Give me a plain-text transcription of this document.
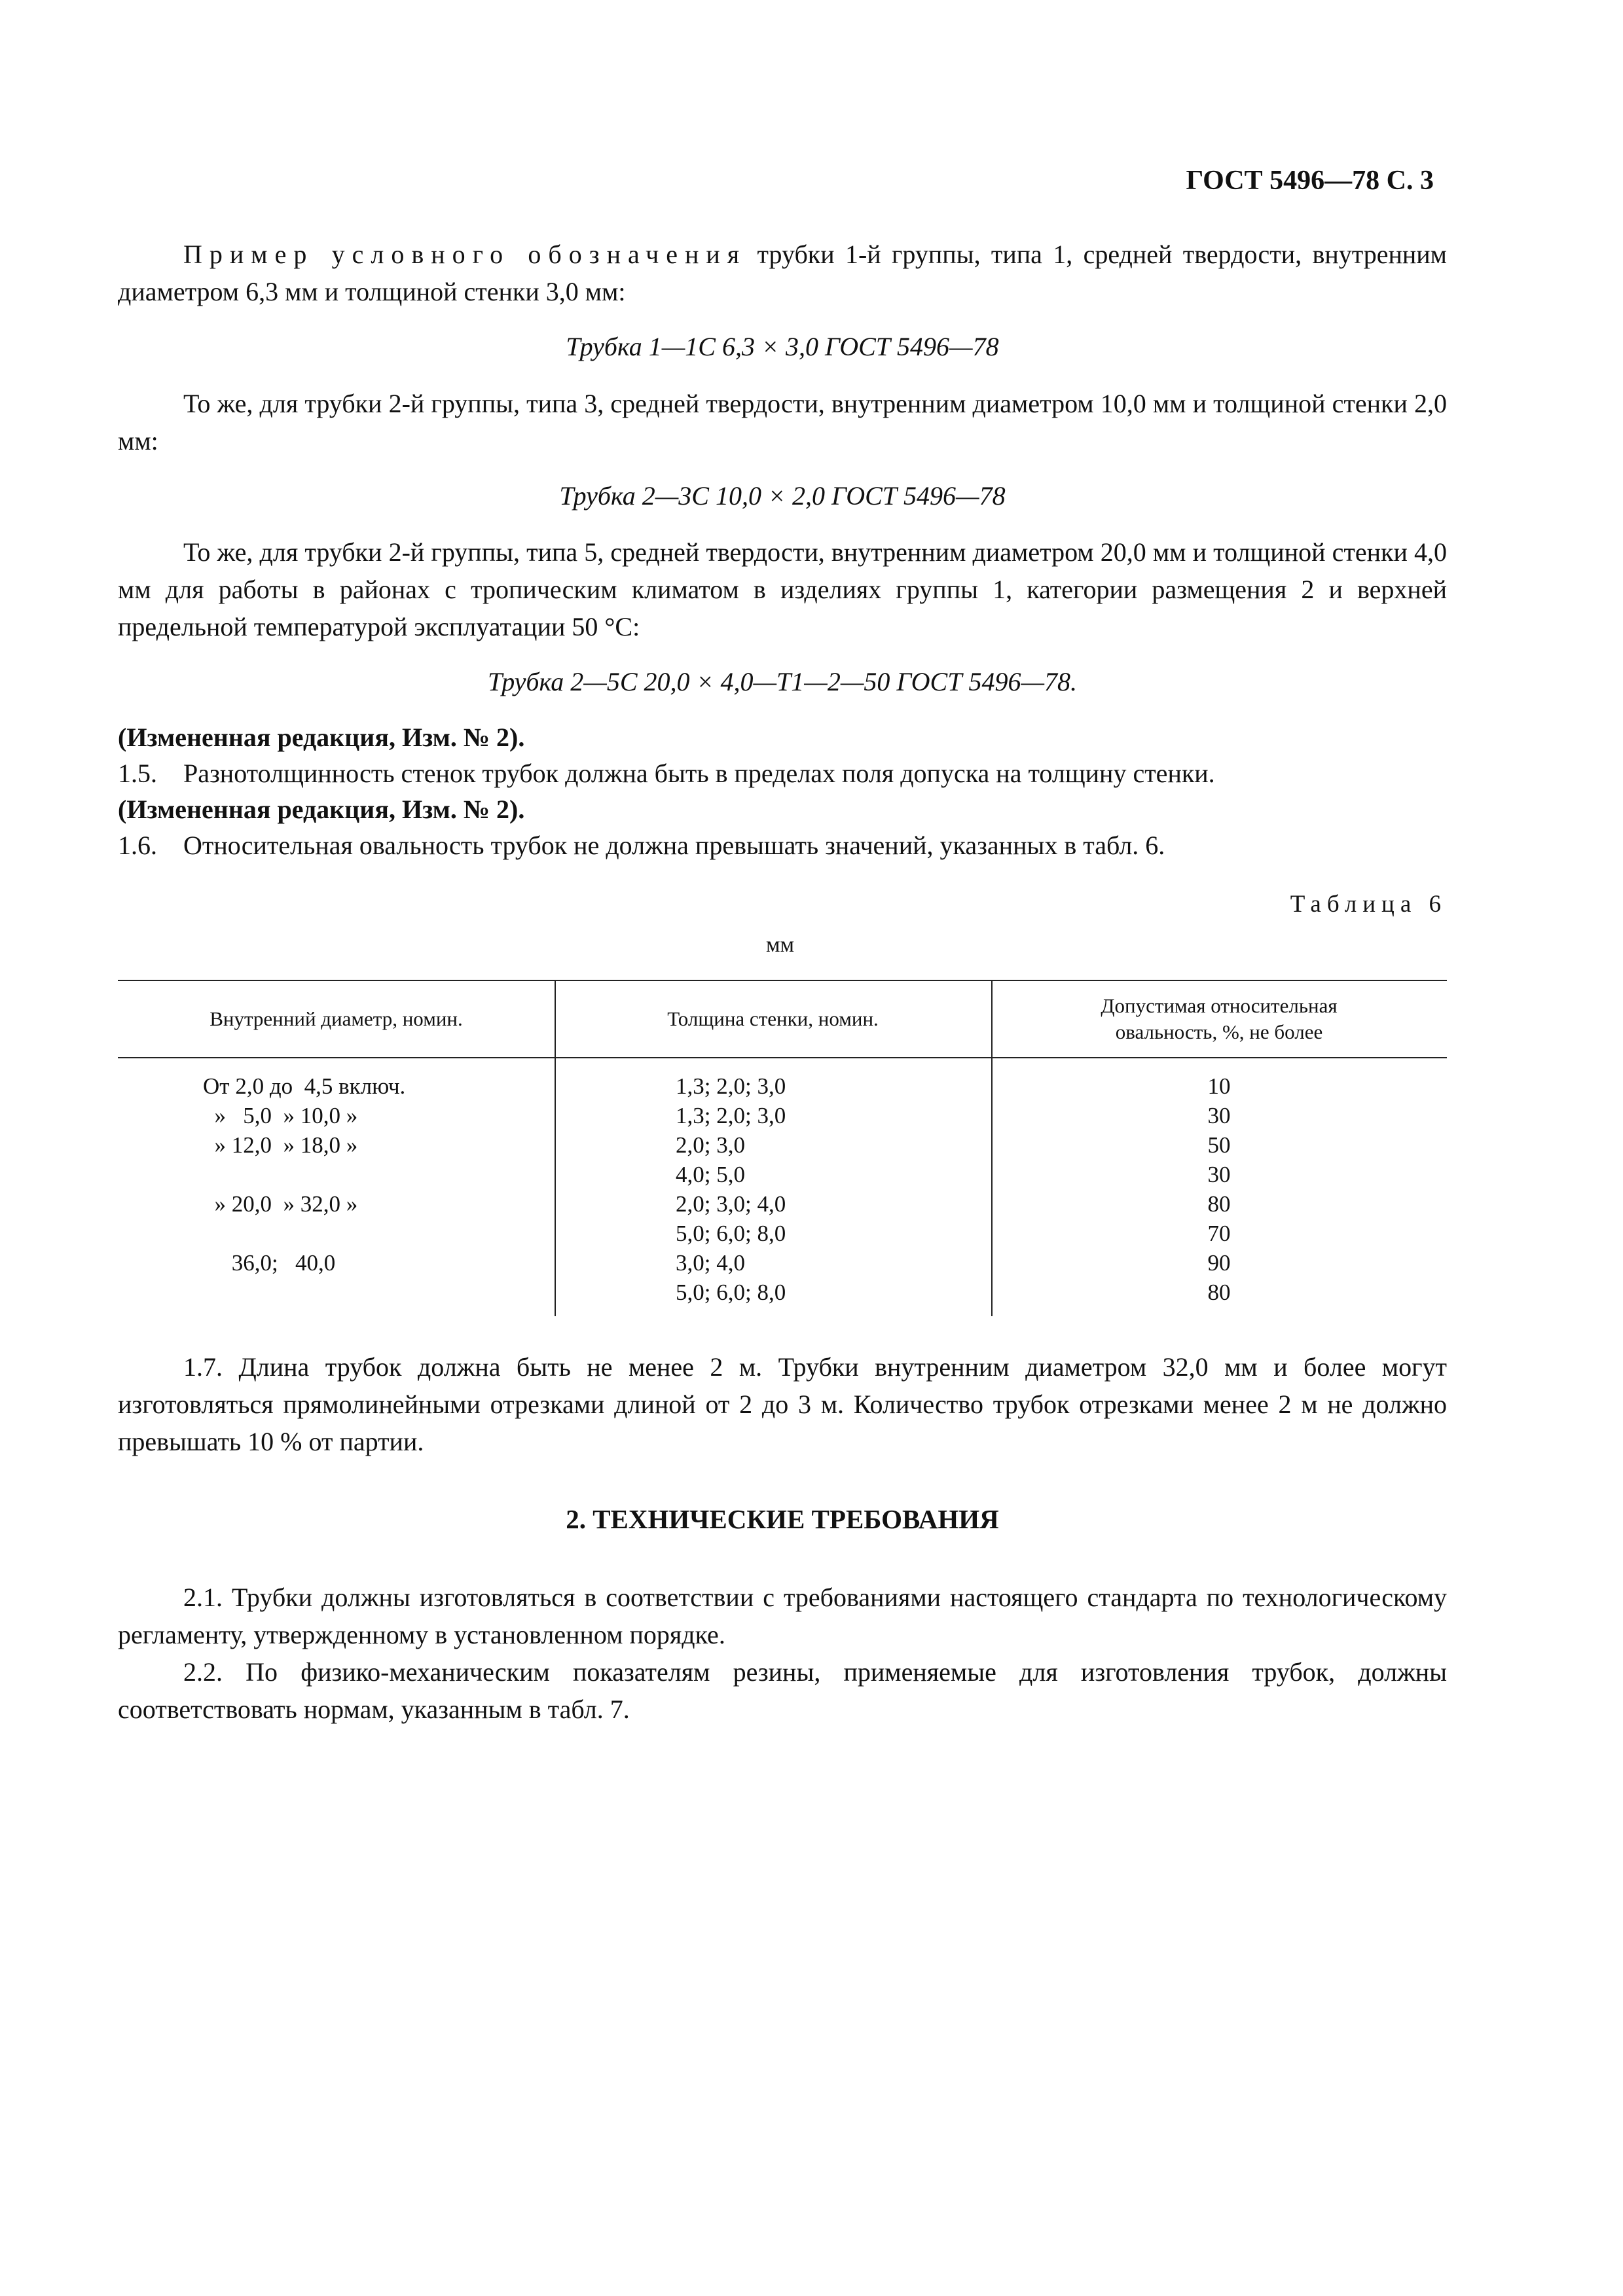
ГОСТ 5496—78 С. 3
Пример условного обозначения трубки 1-й группы, типа 1, средней твердости, внутренним диаметром 6,3 мм и толщиной стенки 3,0 мм:
Трубка 1—1С 6,3 × 3,0 ГОСТ 5496—78
То же, для трубки 2-й группы, типа 3, средней твердости, внутренним диаметром 10,0 мм и толщиной стенки 2,0 мм:
Трубка 2—3С 10,0 × 2,0 ГОСТ 5496—78
То же, для трубки 2-й группы, типа 5, средней твердости, внутренним диаметром 20,0 мм и толщиной стенки 4,0 мм для работы в районах с тропическим климатом в изделиях группы 1, категории размещения 2 и верхней предельной температурой эксплуатации 50 °С:
Трубка 2—5С 20,0 × 4,0—Т1—2—50 ГОСТ 5496—78.
(Измененная редакция, Изм. № 2).
1.5. Разнотолщинность стенок трубок должна быть в пределах поля допуска на толщину стенки.
(Измененная редакция, Изм. № 2).
1.6. Относительная овальность трубок не должна превышать значений, указанных в табл. 6.
Таблица 6
мм
Внутренний диаметр, номин.	Толщина стенки, номин.
Допустимая относительная овальность, %, не более
От 2,0 до  4,5 включ.
»   5,0  » 10,0 »
» 12,0  » 18,0 »
» 20,0  » 32,0 »
36,0;   40,0
1,3; 2,0; 3,0
1,3; 2,0; 3,0
2,0; 3,0
4,0; 5,0
2,0; 3,0; 4,0
5,0; 6,0; 8,0
3,0; 4,0
5,0; 6,0; 8,0
10
30
50
30
80
70
90
80
1.7. Длина трубок должна быть не менее 2 м. Трубки внутренним диаметром 32,0 мм и более могут изготовляться прямолинейными отрезками длиной от 2 до 3 м. Количество трубок отрезками менее 2 м не должно превышать 10 % от партии.
2. ТЕХНИЧЕСКИЕ ТРЕБОВАНИЯ
2.1. Трубки должны изготовляться в соответствии с требованиями настоящего стандарта по технологическому регламенту, утвержденному в установленном порядке.
2.2. По физико-механическим показателям резины, применяемые для изготовления трубок, должны соответствовать нормам, указанным в табл. 7.
